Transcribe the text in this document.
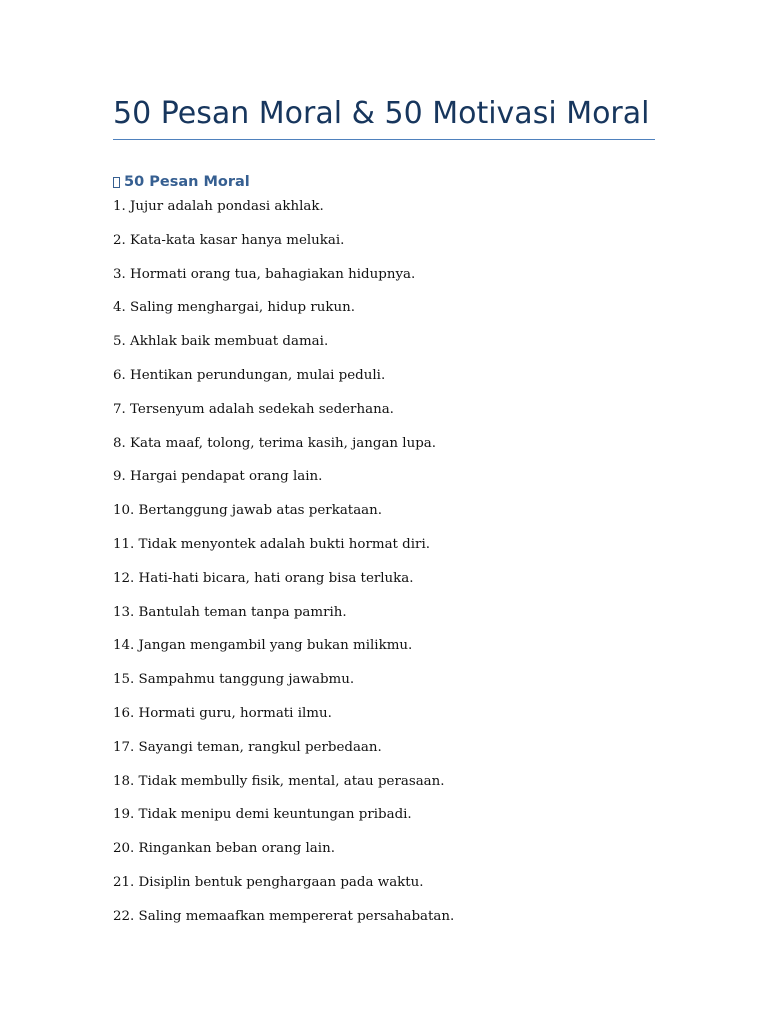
50 Pesan Moral & 50 Motivasi Moral
50 Pesan Moral
1. Jujur adalah pondasi akhlak.
2. Kata-kata kasar hanya melukai.
3. Hormati orang tua, bahagiakan hidupnya.
4. Saling menghargai, hidup rukun.
5. Akhlak baik membuat damai.
6. Hentikan perundungan, mulai peduli.
7. Tersenyum adalah sedekah sederhana.
8. Kata maaf, tolong, terima kasih, jangan lupa.
9. Hargai pendapat orang lain.
10. Bertanggung jawab atas perkataan.
11. Tidak menyontek adalah bukti hormat diri.
12. Hati-hati bicara, hati orang bisa terluka.
13. Bantulah teman tanpa pamrih.
14. Jangan mengambil yang bukan milikmu.
15. Sampahmu tanggung jawabmu.
16. Hormati guru, hormati ilmu.
17. Sayangi teman, rangkul perbedaan.
18. Tidak membully fisik, mental, atau perasaan.
19. Tidak menipu demi keuntungan pribadi.
20. Ringankan beban orang lain.
21. Disiplin bentuk penghargaan pada waktu.
22. Saling memaafkan mempererat persahabatan.
